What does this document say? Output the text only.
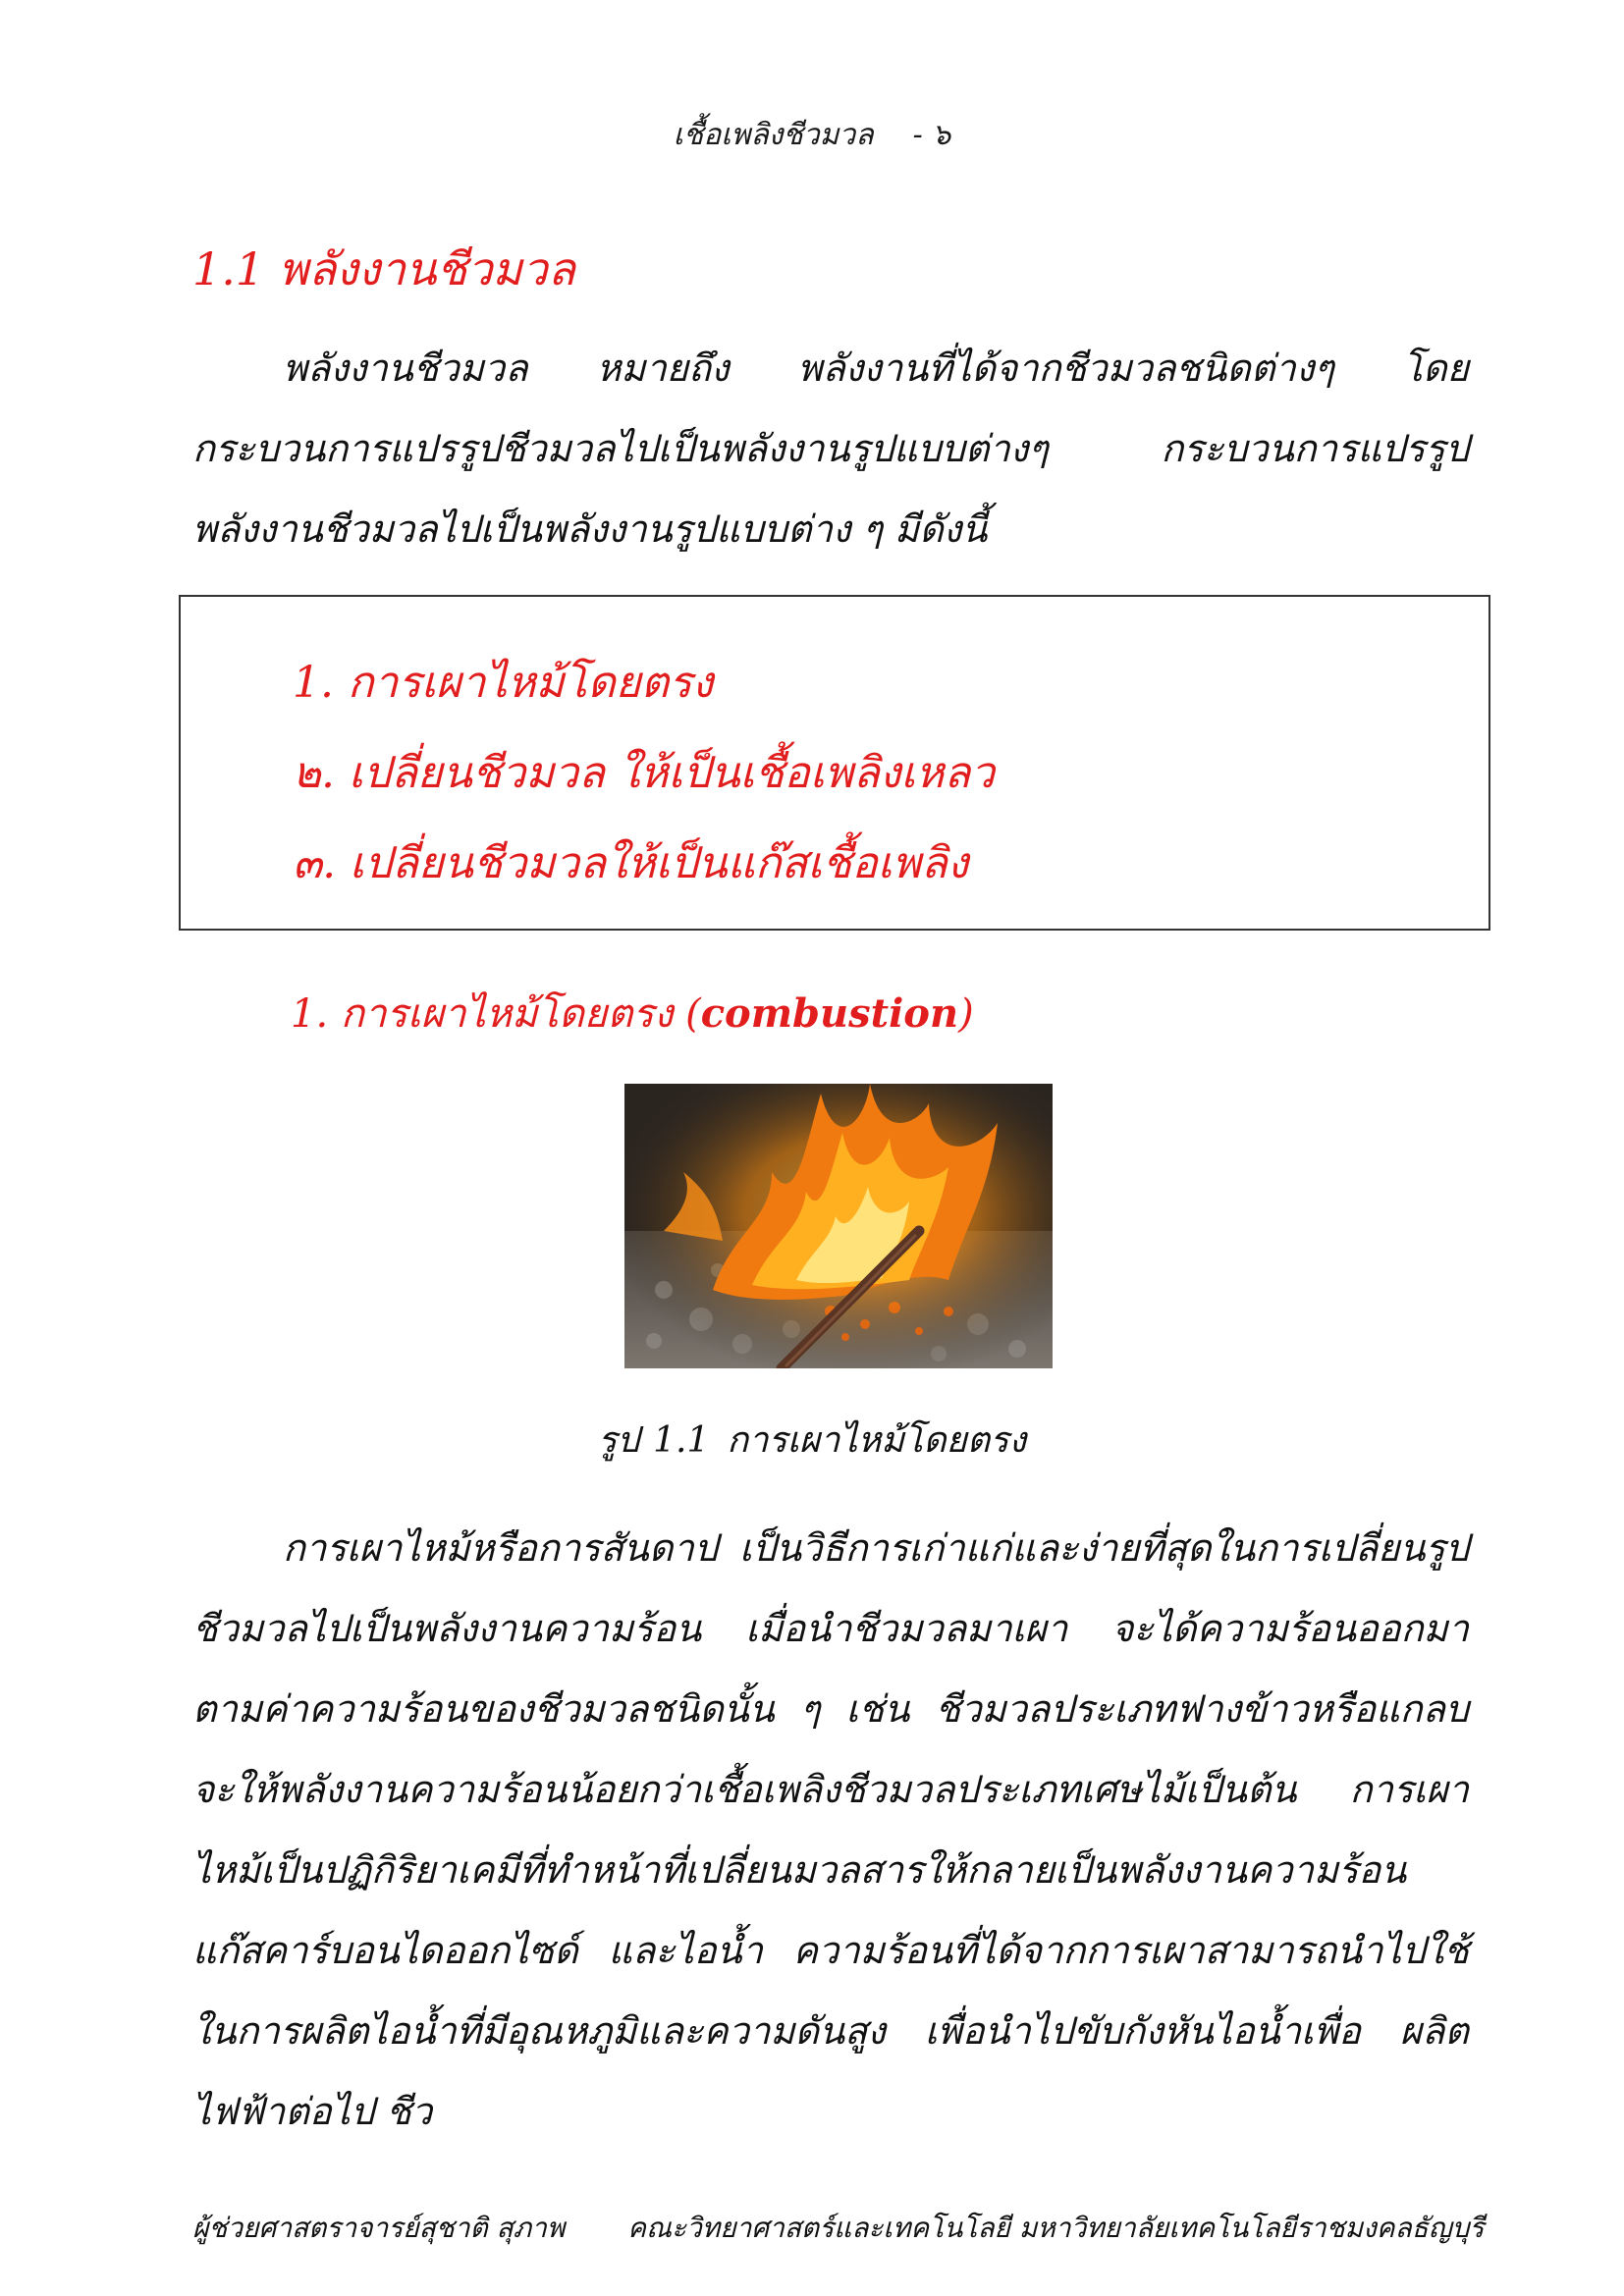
เชื้อเพลิงชีวมวล - ๖
1.1 พลังงานชีวมวล
พลังงานชีวมวล หมายถึง พลังงานที่ได้จากชีวมวลชนิดต่างๆ โดยกระบวนการแปรรูปชีวมวลไปเป็นพลังงานรูปแบบต่างๆ กระบวนการแปรรูปพลังงานชีวมวลไปเป็นพลังงานรูปแบบต่าง ๆ มีดังนี้
1. การเผาไหม้โดยตรง
๒. เปลี่ยนชีวมวล ให้เป็นเชื้อเพลิงเหลว
๓. เปลี่ยนชีวมวลให้เป็นแก๊สเชื้อเพลิง
1. การเผาไหม้โดยตรง (combustion)
รูป 1.1 การเผาไหม้โดยตรง
การเผาไหม้หรือการสันดาป เป็นวิธีการเก่าแก่และง่ายที่สุดในการเปลี่ยนรูปชีวมวลไปเป็นพลังงานความร้อน เมื่อนำชีวมวลมาเผา จะได้ความร้อนออกมาตามค่าความร้อนของชีวมวลชนิดนั้น ๆ เช่น ชีวมวลประเภทฟางข้าวหรือแกลบจะให้พลังงานความร้อนน้อยกว่าเชื้อเพลิงชีวมวลประเภทเศษไม้เป็นต้น การเผาไหม้เป็นปฏิกิริยาเคมีที่ทำหน้าที่เปลี่ยนมวลสารให้กลายเป็นพลังงานความร้อน แก๊สคาร์บอนไดออกไซด์ และไอน้ำ ความร้อนที่ได้จากการเผาสามารถนำไปใช้ในการผลิตไอน้ำที่มีอุณหภูมิและความดันสูง เพื่อนำไปขับกังหันไอน้ำเพื่อ ผลิตไฟฟ้าต่อไป ชีว
ผู้ช่วยศาสตราจารย์สุชาติ สุภาพ คณะวิทยาศาสตร์และเทคโนโลยี มหาวิทยาลัยเทคโนโลยีราชมงคลธัญบุรี
